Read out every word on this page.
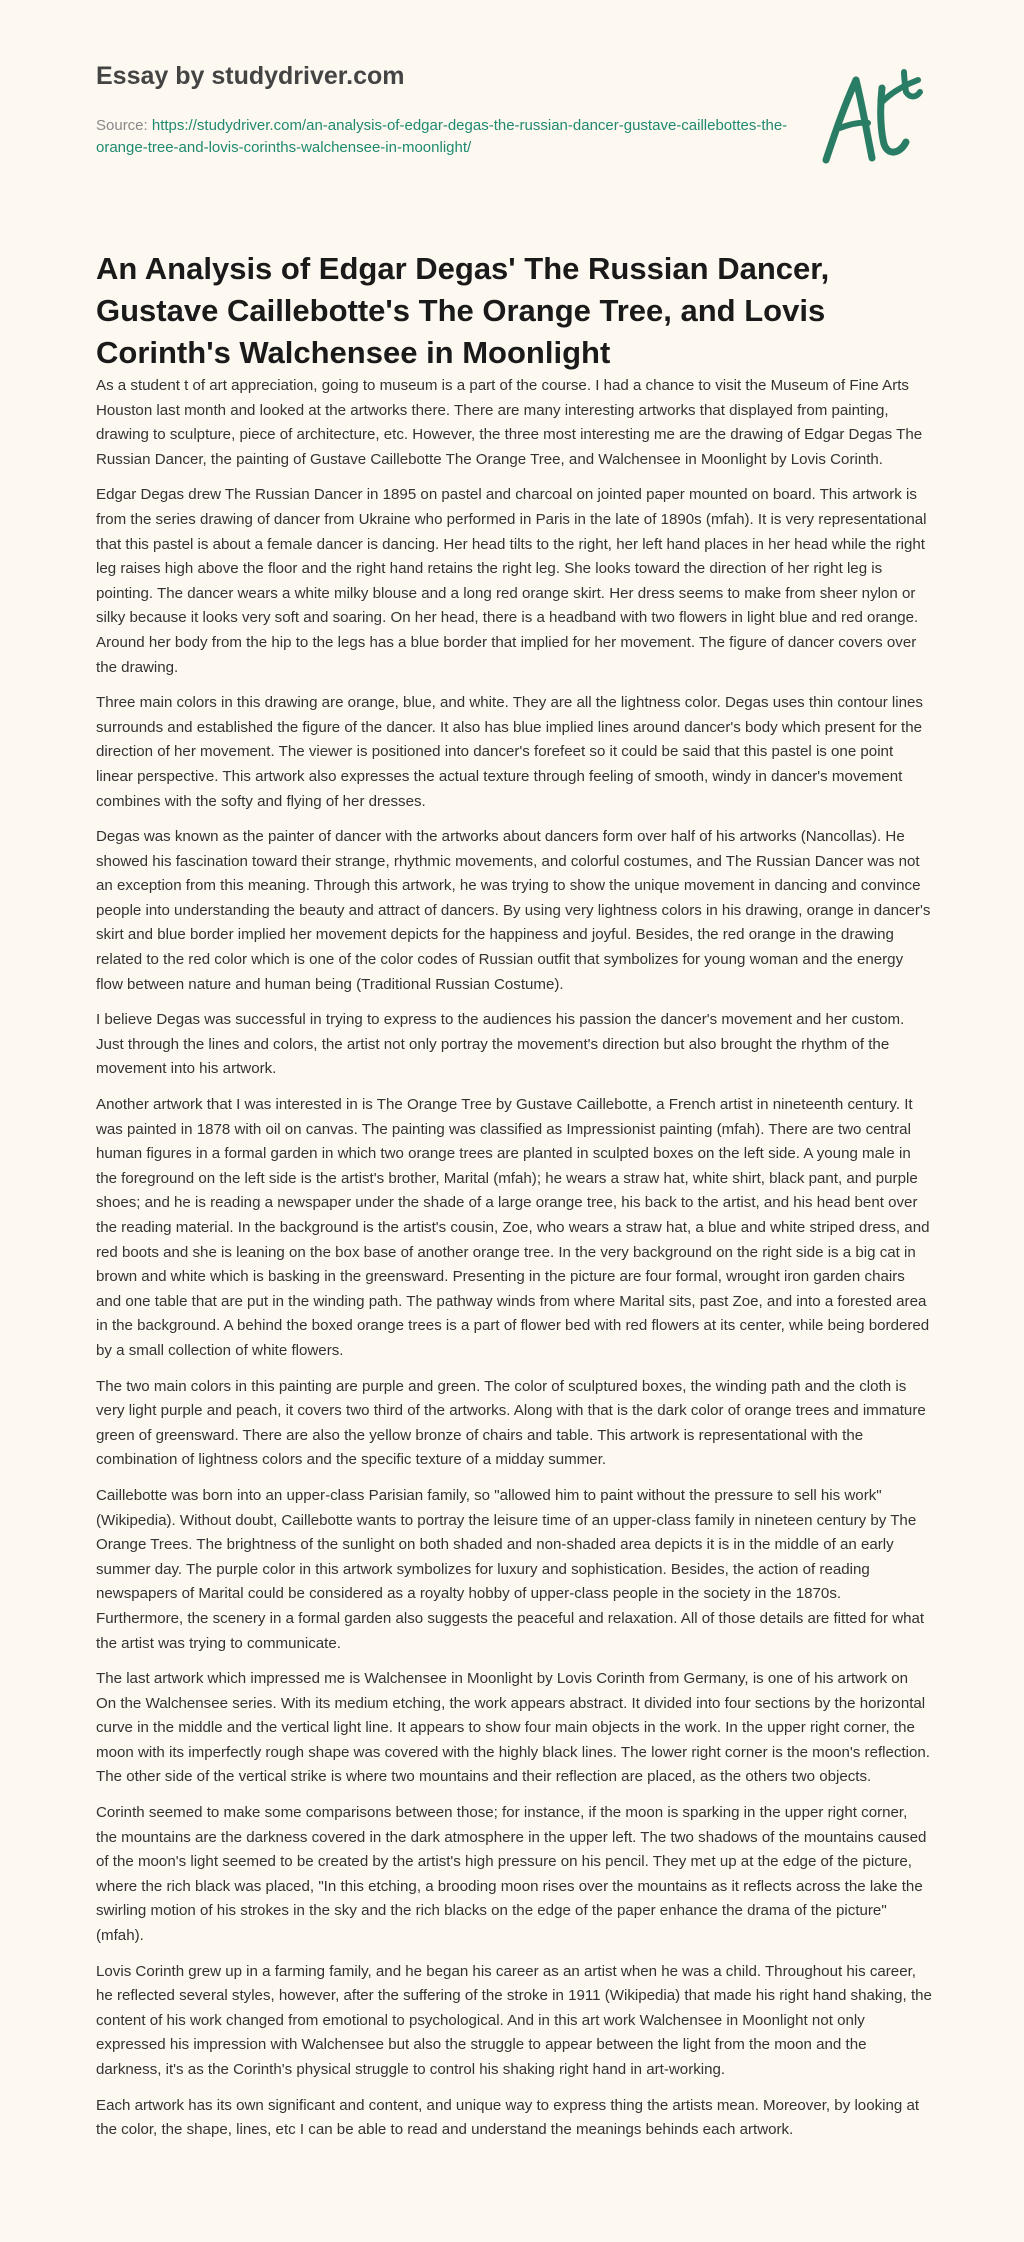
Essay by studydriver.com
Source: https://studydriver.com/an-analysis-of-edgar-degas-the-russian-dancer-gustave-caillebottes-the-orange-tree-and-lovis-corinths-walchensee-in-moonlight/
An Analysis of Edgar Degas' The Russian Dancer, Gustave Caillebotte's The Orange Tree, and Lovis Corinth's Walchensee in Moonlight

As a student t of art appreciation, going to museum is a part of the course. I had a chance to visit the Museum of Fine Arts Houston last month and looked at the artworks there. There are many interesting artworks that displayed from painting, drawing to sculpture, piece of architecture, etc. However, the three most interesting me are the drawing of Edgar Degas The Russian Dancer, the painting of Gustave Caillebotte The Orange Tree, and Walchensee in Moonlight by Lovis Corinth.

Edgar Degas drew The Russian Dancer in 1895 on pastel and charcoal on jointed paper mounted on board. This artwork is from the series drawing of dancer from Ukraine who performed in Paris in the late of 1890s (mfah). It is very representational that this pastel is about a female dancer is dancing. Her head tilts to the right, her left hand places in her head while the right leg raises high above the floor and the right hand retains the right leg. She looks toward the direction of her right leg is pointing. The dancer wears a white milky blouse and a long red orange skirt. Her dress seems to make from sheer nylon or silky because it looks very soft and soaring. On her head, there is a headband with two flowers in light blue and red orange. Around her body from the hip to the legs has a blue border that implied for her movement. The figure of dancer covers over the drawing.

Three main colors in this drawing are orange, blue, and white. They are all the lightness color. Degas uses thin contour lines surrounds and established the figure of the dancer. It also has blue implied lines around dancer's body which present for the direction of her movement. The viewer is positioned into dancer's forefeet so it could be said that this pastel is one point linear perspective. This artwork also expresses the actual texture through feeling of smooth, windy in dancer's movement combines with the softy and flying of her dresses.

Degas was known as the painter of dancer with the artworks about dancers form over half of his artworks (Nancollas). He showed his fascination toward their strange, rhythmic movements, and colorful costumes, and The Russian Dancer was not an exception from this meaning. Through this artwork, he was trying to show the unique movement in dancing and convince people into understanding the beauty and attract of dancers. By using very lightness colors in his drawing, orange in dancer's skirt and blue border implied her movement depicts for the happiness and joyful. Besides, the red orange in the drawing related to the red color which is one of the color codes of Russian outfit that symbolizes for young woman and the energy flow between nature and human being (Traditional Russian Costume).

I believe Degas was successful in trying to express to the audiences his passion the dancer's movement and her custom. Just through the lines and colors, the artist not only portray the movement's direction but also brought the rhythm of the movement into his artwork.

Another artwork that I was interested in is The Orange Tree by Gustave Caillebotte, a French artist in nineteenth century. It was painted in 1878 with oil on canvas. The painting was classified as Impressionist painting (mfah). There are two central human figures in a formal garden in which two orange trees are planted in sculpted boxes on the left side. A young male in the foreground on the left side is the artist's brother, Marital (mfah); he wears a straw hat, white shirt, black pant, and purple shoes; and he is reading a newspaper under the shade of a large orange tree, his back to the artist, and his head bent over the reading material. In the background is the artist's cousin, Zoe, who wears a straw hat, a blue and white striped dress, and red boots and she is leaning on the box base of another orange tree. In the very background on the right side is a big cat in brown and white which is basking in the greensward. Presenting in the picture are four formal, wrought iron garden chairs and one table that are put in the winding path. The pathway winds from where Marital sits, past Zoe, and into a forested area in the background. A behind the boxed orange trees is a part of flower bed with red flowers at its center, while being bordered by a small collection of white flowers.

The two main colors in this painting are purple and green. The color of sculptured boxes, the winding path and the cloth is very light purple and peach, it covers two third of the artworks. Along with that is the dark color of orange trees and immature green of greensward. There are also the yellow bronze of chairs and table. This artwork is representational with the combination of lightness colors and the specific texture of a midday summer.

Caillebotte was born into an upper-class Parisian family, so "allowed him to paint without the pressure to sell his work" (Wikipedia). Without doubt, Caillebotte wants to portray the leisure time of an upper-class family in nineteen century by The Orange Trees. The brightness of the sunlight on both shaded and non-shaded area depicts it is in the middle of an early summer day. The purple color in this artwork symbolizes for luxury and sophistication. Besides, the action of reading newspapers of Marital could be considered as a royalty hobby of upper-class people in the society in the 1870s. Furthermore, the scenery in a formal garden also suggests the peaceful and relaxation. All of those details are fitted for what the artist was trying to communicate.

The last artwork which impressed me is Walchensee in Moonlight by Lovis Corinth from Germany, is one of his artwork on On the Walchensee series. With its medium etching, the work appears abstract. It divided into four sections by the horizontal curve in the middle and the vertical light line. It appears to show four main objects in the work. In the upper right corner, the moon with its imperfectly rough shape was covered with the highly black lines. The lower right corner is the moon's reflection. The other side of the vertical strike is where two mountains and their reflection are placed, as the others two objects.

Corinth seemed to make some comparisons between those; for instance, if the moon is sparking in the upper right corner, the mountains are the darkness covered in the dark atmosphere in the upper left. The two shadows of the mountains caused of the moon's light seemed to be created by the artist's high pressure on his pencil. They met up at the edge of the picture, where the rich black was placed, "In this etching, a brooding moon rises over the mountains as it reflects across the lake the swirling motion of his strokes in the sky and the rich blacks on the edge of the paper enhance the drama of the picture" (mfah).

Lovis Corinth grew up in a farming family, and he began his career as an artist when he was a child. Throughout his career, he reflected several styles, however, after the suffering of the stroke in 1911 (Wikipedia) that made his right hand shaking, the content of his work changed from emotional to psychological. And in this art work Walchensee in Moonlight not only expressed his impression with Walchensee but also the struggle to appear between the light from the moon and the darkness, it's as the Corinth's physical struggle to control his shaking right hand in art-working.

Each artwork has its own significant and content, and unique way to express thing the artists mean. Moreover, by looking at the color, the shape, lines, etc I can be able to read and understand the meanings behinds each artwork.
